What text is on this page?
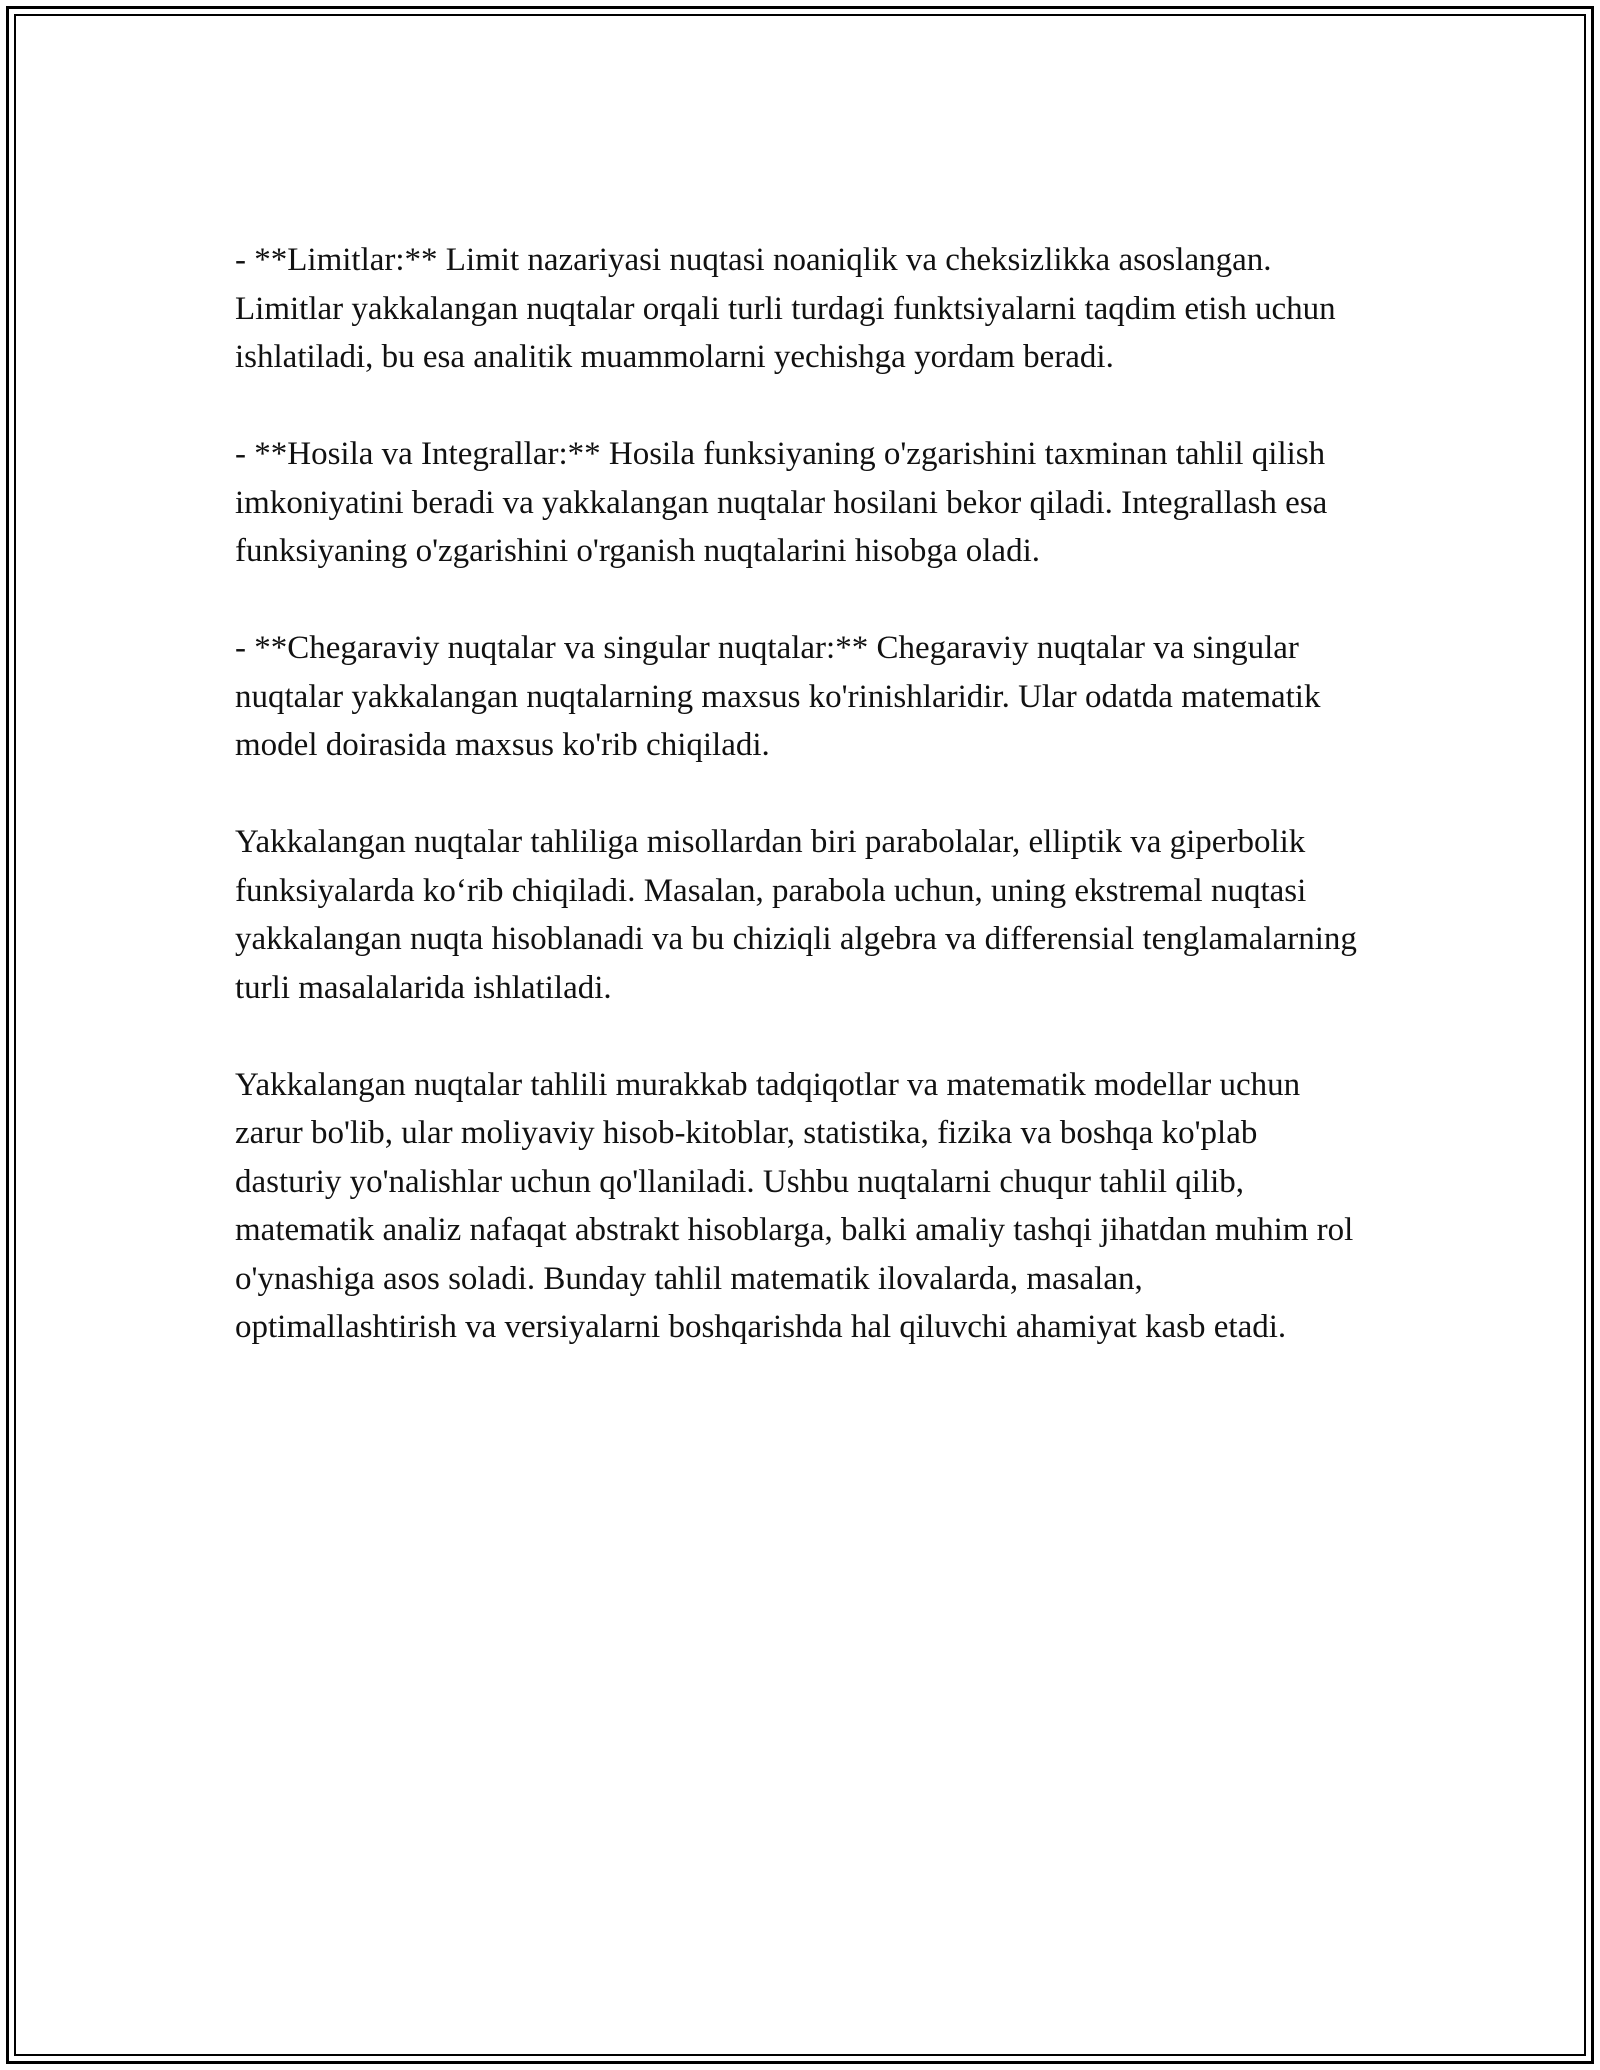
- **Limitlar:** Limit nazariyasi nuqtasi noaniqlik va cheksizlikka asoslangan. Limitlar yakkalangan nuqtalar orqali turli turdagi funktsiyalarni taqdim etish uchun ishlatiladi, bu esa analitik muammolarni yechishga yordam beradi.

- **Hosila va Integrallar:** Hosila funksiyaning o'zgarishini taxminan tahlil qilish imkoniyatini beradi va yakkalangan nuqtalar hosilani bekor qiladi. Integrallash esa funksiyaning o'zgarishini o'rganish nuqtalarini hisobga oladi.

- **Chegaraviy nuqtalar va singular nuqtalar:** Chegaraviy nuqtalar va singular nuqtalar yakkalangan nuqtalarning maxsus ko'rinishlaridir. Ular odatda matematik model doirasida maxsus ko'rib chiqiladi.

Yakkalangan nuqtalar tahliliga misollardan biri parabolalar, elliptik va giperbolik funksiyalarda ko‘rib chiqiladi. Masalan, parabola uchun, uning ekstremal nuqtasi yakkalangan nuqta hisoblanadi va bu chiziqli algebra va differensial tenglamalarning turli masalalarida ishlatiladi.

Yakkalangan nuqtalar tahlili murakkab tadqiqotlar va matematik modellar uchun zarur bo'lib, ular moliyaviy hisob-kitoblar, statistika, fizika va boshqa ko'plab dasturiy yo'nalishlar uchun qo'llaniladi. Ushbu nuqtalarni chuqur tahlil qilib, matematik analiz nafaqat abstrakt hisoblarga, balki amaliy tashqi jihatdan muhim rol o'ynashiga asos soladi. Bunday tahlil matematik ilovalarda, masalan, optimallashtirish va versiyalarni boshqarishda hal qiluvchi ahamiyat kasb etadi.
